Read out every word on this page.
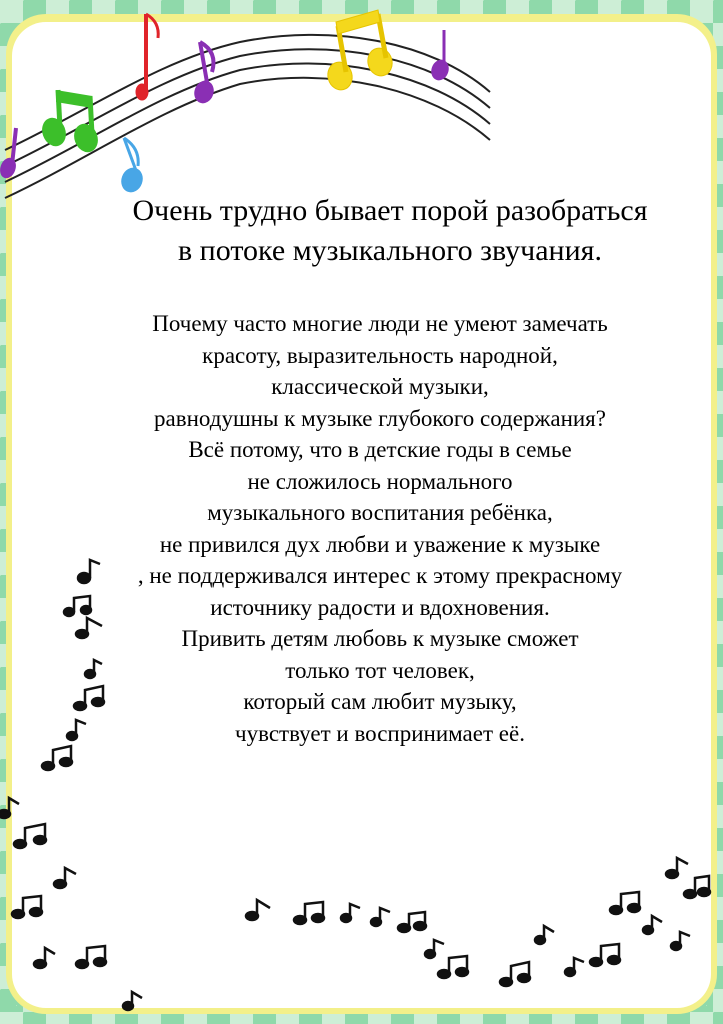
Очень трудно бывает порой разобраться
в потоке музыкального звучания.
Почему часто многие люди не умеют замечать
красоту, выразительность народной,
классической музыки,
равнодушны к музыке глубокого содержания?
Всё потому, что в детские годы в семье
не сложилось нормального
музыкального воспитания ребёнка,
не привился дух любви и уважение к музыке
, не поддерживался интерес к этому прекрасному
источнику радости и вдохновения.
Привить детям любовь к музыке сможет
только тот человек,
который сам любит музыку,
чувствует и воспринимает её.
